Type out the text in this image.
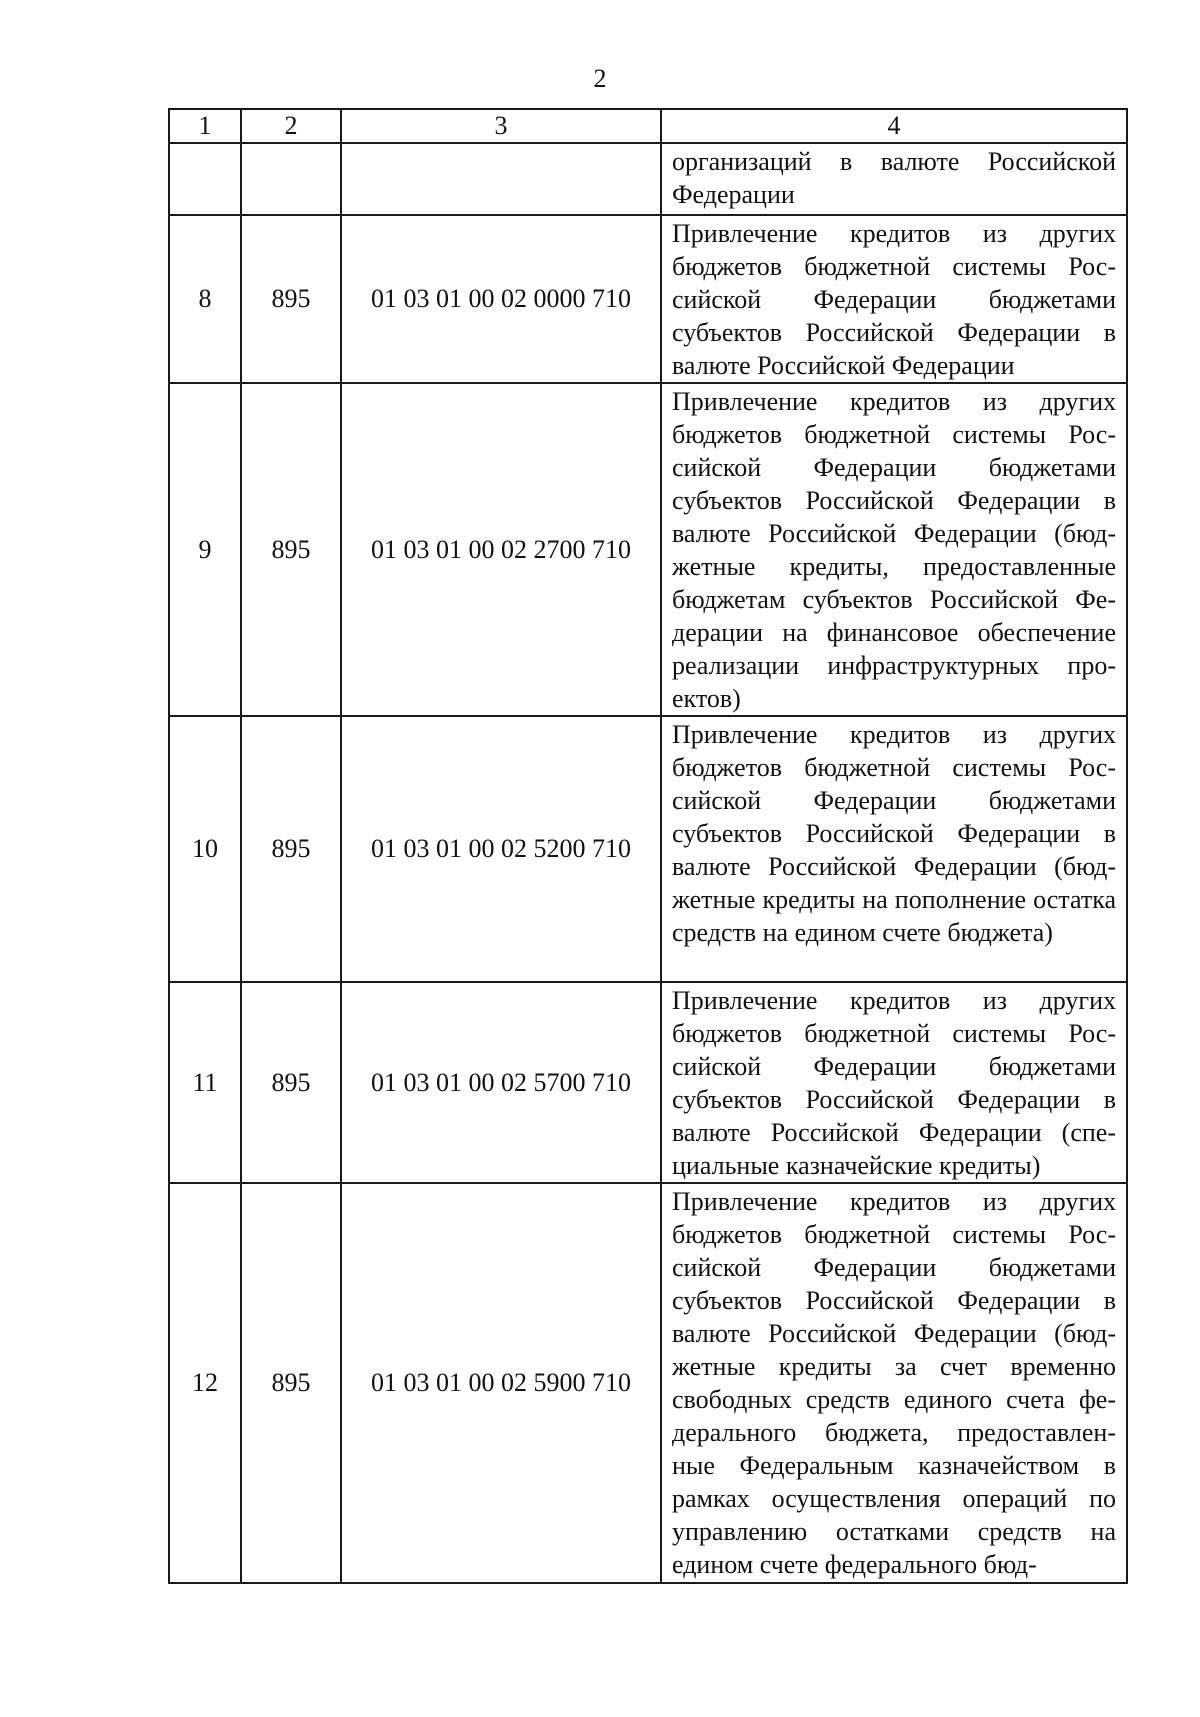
2
1	2	3	4
			организаций в валюте Российской Федерации
8	895	01 03 01 00 02 0000 710	Привлечение кредитов из других бюджетов бюджетной системы Рос- сийской Федерации бюджетами субъектов Российской Федерации в валюте Российской Федерации
9	895	01 03 01 00 02 2700 710	Привлечение кредитов из других бюджетов бюджетной системы Рос- сийской Федерации бюджетами субъектов Российской Федерации в валюте Российской Федерации (бюд- жетные кредиты, предоставленные бюджетам субъектов Российской Фе- дерации на финансовое обеспечение реализации инфраструктурных про- ектов)
10	895	01 03 01 00 02 5200 710	Привлечение кредитов из других бюджетов бюджетной системы Рос- сийской Федерации бюджетами субъектов Российской Федерации в валюте Российской Федерации (бюд- жетные кредиты на пополнение остатка средств на едином счете бюджета)
11	895	01 03 01 00 02 5700 710	Привлечение кредитов из других бюджетов бюджетной системы Рос- сийской Федерации бюджетами субъектов Российской Федерации в валюте Российской Федерации (спе- циальные казначейские кредиты)
12	895	01 03 01 00 02 5900 710	Привлечение кредитов из других бюджетов бюджетной системы Рос- сийской Федерации бюджетами субъектов Российской Федерации в валюте Российской Федерации (бюд- жетные кредиты за счет временно свободных средств единого счета фе- дерального бюджета, предоставлен- ные Федеральным казначейством в рамках осуществления операций по управлению остатками средств на едином счете федерального бюд-
